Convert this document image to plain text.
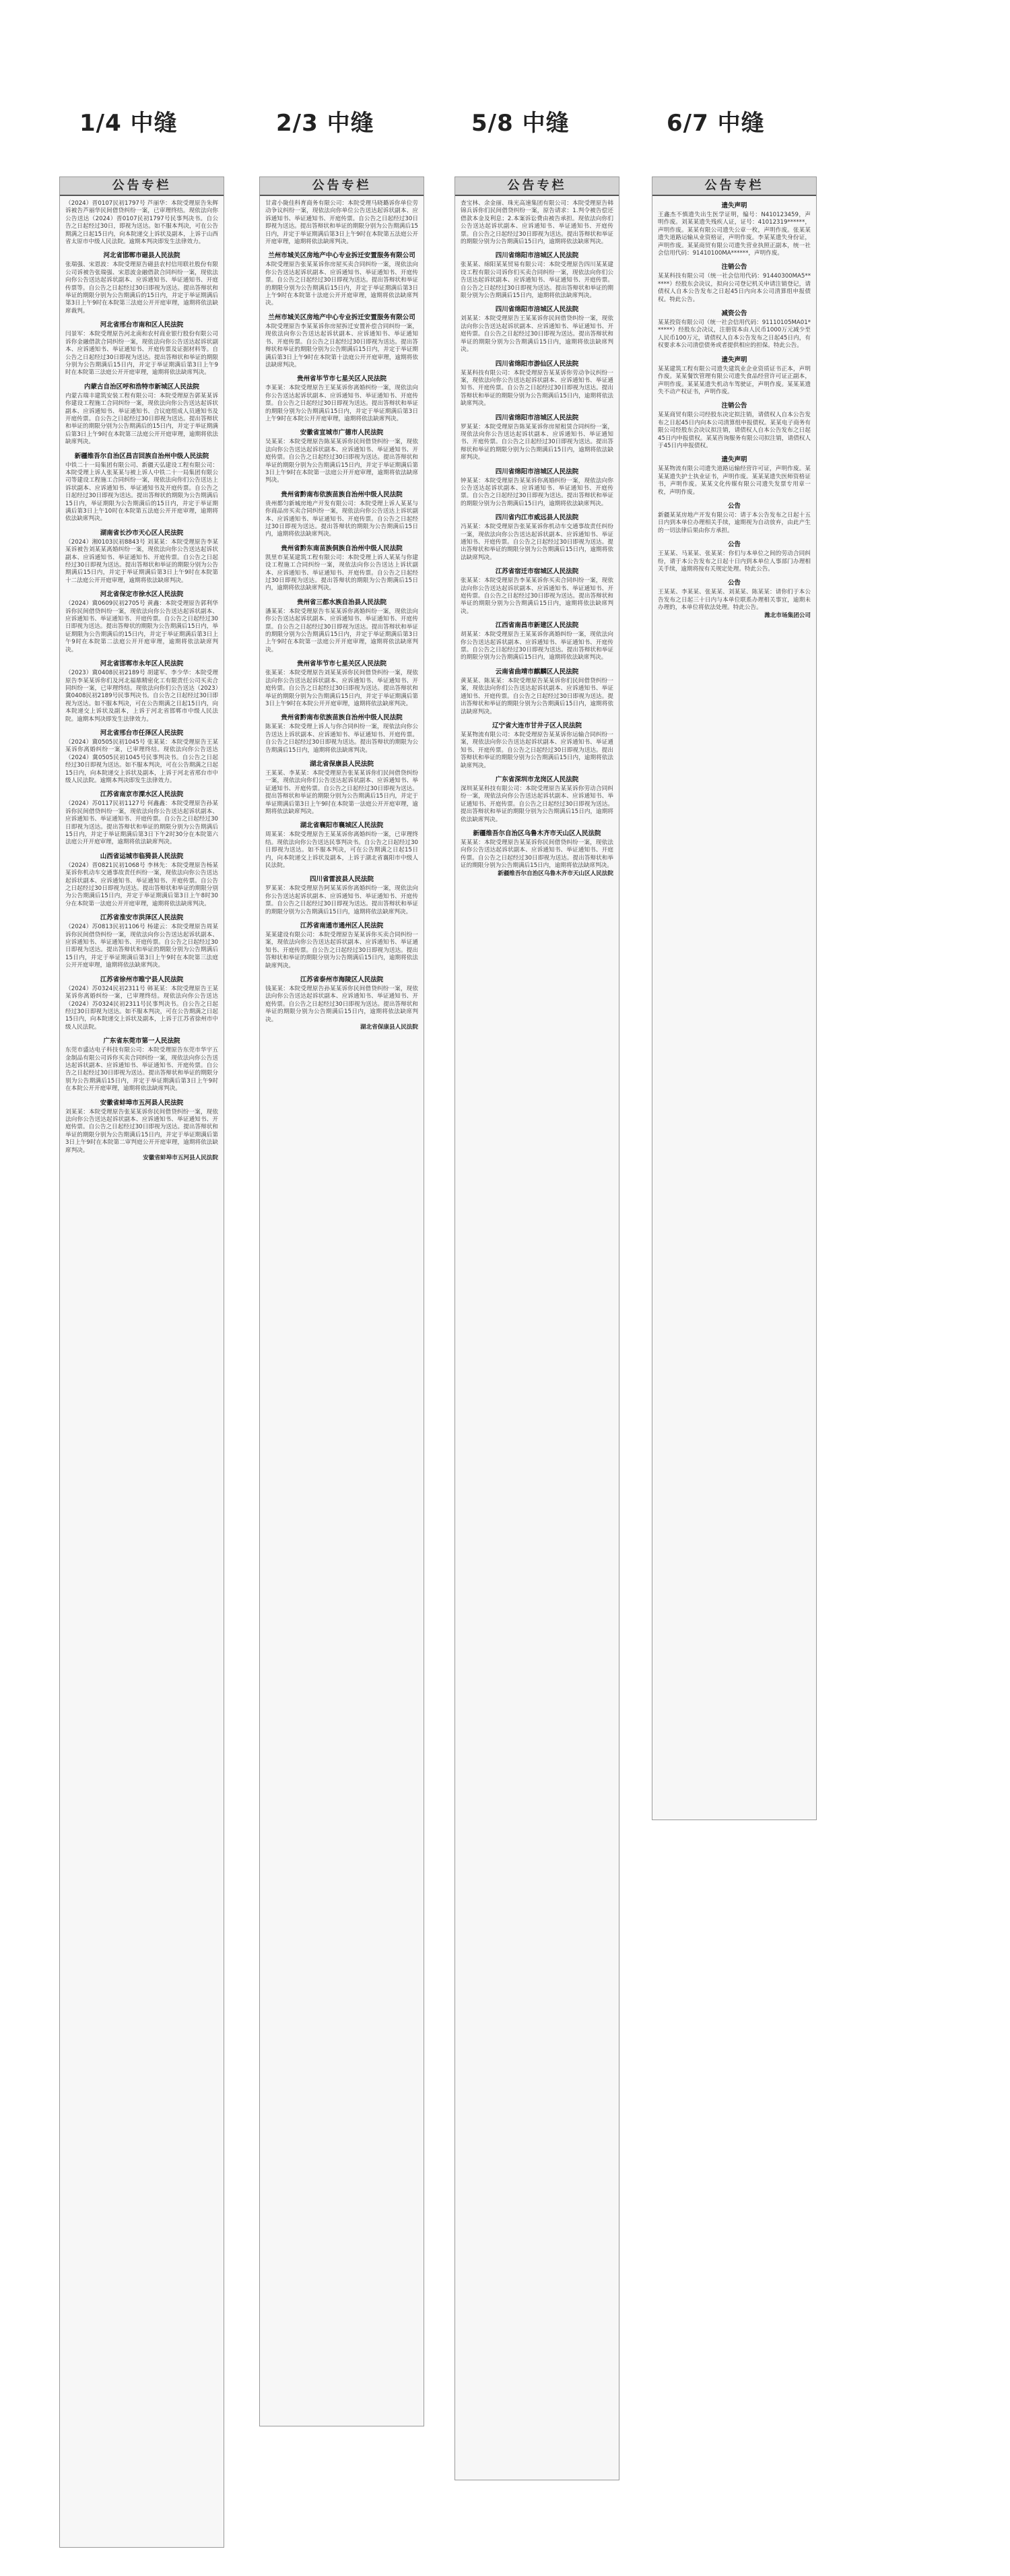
1/4 中缝	2/3 中缝	5/8 中缝	6/7 中缝
公告专栏
（2024）晋0107民初1797号 芦丽华：本院受理原告朱辉诉被告芦丽华民间借贷纠纷一案，已审理终结。现依法向你公告送达（2024）晋0107民初1797号民事判决书。自公告之日起经过30日，即视为送达。如不服本判决，可在公告期满之日起15日内，向本院递交上诉状及副本，上诉于山西省太原市中级人民法院。逾期本判决即发生法律效力。
河北省邯郸市磁县人民法院
张瑞强、宋恩波：本院受理原告磁县农村信用联社股份有限公司诉被告张瑞强、宋恩波金融借款合同纠纷一案，现依法向你公告送达起诉状副本、应诉通知书、举证通知书、开庭传票等。自公告之日起经过30日即视为送达。提出答辩状和举证的期限分别为公告期满后的15日内，并定于举证期满后第3日上午9时在本院第三法庭公开开庭审理，逾期将依法缺席裁判。
河北省邢台市南和区人民法院
闫景军：本院受理原告河北南和农村商业银行股份有限公司诉你金融借款合同纠纷一案，现依法向你公告送达起诉状副本、应诉通知书、举证通知书、开庭传票及证据材料等。自公告之日起经过30日即视为送达。提出答辩状和举证的期限分别为公告期满后15日内，并定于举证期满后第3日上午9时在本院第三法庭公开开庭审理，逾期将依法缺席判决。
内蒙古自治区呼和浩特市新城区人民法院
内蒙古瑞丰建筑安装工程有限公司：本院受理原告郭某某诉你建设工程施工合同纠纷一案，现依法向你公告送达起诉状副本、应诉通知书、举证通知书、合议庭组成人员通知书及开庭传票。自公告之日起经过30日即视为送达。提出答辩状和举证的期限分别为公告期满后的15日内，并定于举证期满后第3日上午9时在本院第三法庭公开开庭审理，逾期将依法缺席判决。
新疆维吾尔自治区昌吉回族自治州中级人民法院
中铁二十一局集团有限公司、新疆天弘建设工程有限公司：本院受理上诉人张某某与被上诉人中铁二十一局集团有限公司等建设工程施工合同纠纷一案，现依法向你们公告送达上诉状副本、应诉通知书、举证通知书及开庭传票。自公告之日起经过30日即视为送达。提出答辩状的期限为公告期满后15日内，举证期限为公告期满后的15日内，并定于举证期满后第3日上午10时在本院第五法庭公开开庭审理，逾期将依法缺席判决。
湖南省长沙市天心区人民法院
（2024）湘0103民初8843号 刘某某：本院受理原告李某某诉被告刘某某离婚纠纷一案，现依法向你公告送达起诉状副本、应诉通知书、举证通知书、开庭传票。自公告之日起经过30日即视为送达。提出答辩状和举证的期限分别为公告期满后15日内，并定于举证期满后第3日上午9时在本院第十二法庭公开开庭审理，逾期将依法缺席判决。
河北省保定市徐水区人民法院
（2024）冀0609民初2705号 黄鑫：本院受理原告郭利华诉你民间借贷纠纷一案，现依法向你公告送达起诉状副本、应诉通知书、举证通知书、开庭传票。自公告之日起经过30日即视为送达。提出答辩状的期限为公告期满后15日内，举证期限为公告期满后的15日内，并定于举证期满后第3日上午9时在本院第二法庭公开开庭审理，逾期将依法缺席判决。
河北省邯郸市永年区人民法院
（2023）冀0408民初2189号 胡建军、李少华：本院受理原告李某某诉你们及河北福鼎精密化工有限责任公司买卖合同纠纷一案，已审理终结。现依法向你们公告送达（2023）冀0408民初2189号民事判决书。自公告之日起经过30日即视为送达。如不服本判决，可在公告期满之日起15日内，向本院递交上诉状及副本，上诉于河北省邯郸市中级人民法院。逾期本判决即发生法律效力。
河北省邢台市任泽区人民法院
（2024）冀0505民初1045号 张某某：本院受理原告王某某诉你离婚纠纷一案，已审理终结。现依法向你公告送达（2024）冀0505民初1045号民事判决书。自公告之日起经过30日即视为送达。如不服本判决，可在公告期满之日起15日内，向本院递交上诉状及副本，上诉于河北省邢台市中级人民法院。逾期本判决即发生法律效力。
江苏省南京市溧水区人民法院
（2024）苏0117民初1127号 何鑫鑫：本院受理原告孙某诉你民间借贷纠纷一案，现依法向你公告送达起诉状副本、应诉通知书、举证通知书、开庭传票。自公告之日起经过30日即视为送达。提出答辩状和举证的期限分别为公告期满后15日内，并定于举证期满后第3日下午2时30分在本院第六法庭公开开庭审理，逾期将依法缺席判决。
山西省运城市临猗县人民法院
（2024）晋0821民初1068号 李林先：本院受理原告杨某某诉你机动车交通事故责任纠纷一案，现依法向你公告送达起诉状副本、应诉通知书、举证通知书、开庭传票。自公告之日起经过30日即视为送达。提出答辩状和举证的期限分别为公告期满后15日内，并定于举证期满后第3日上午8时30分在本院第一法庭公开开庭审理，逾期将依法缺席判决。
江苏省淮安市洪泽区人民法院
（2024）苏0813民初1106号 杨建云：本院受理原告周某诉你民间借贷纠纷一案，现依法向你公告送达起诉状副本、应诉通知书、举证通知书、开庭传票。自公告之日起经过30日即视为送达。提出答辩状和举证的期限分别为公告期满后15日内，并定于举证期满后第3日上午9时在本院第三法庭公开开庭审理，逾期将依法缺席判决。
江苏省徐州市睢宁县人民法院
（2024）苏0324民初2311号 韩某某：本院受理原告王某某诉你离婚纠纷一案，已审理终结。现依法向你公告送达（2024）苏0324民初2311号民事判决书。自公告之日起经过30日即视为送达。如不服本判决，可在公告期满之日起15日内，向本院递交上诉状及副本，上诉于江苏省徐州市中级人民法院。
广东省东莞市第一人民法院
东莞市盛达电子科技有限公司：本院受理原告东莞市华宇五金制品有限公司诉你买卖合同纠纷一案，现依法向你公告送达起诉状副本、应诉通知书、举证通知书、开庭传票。自公告之日起经过30日即视为送达。提出答辩状和举证的期限分别为公告期满后15日内，并定于举证期满后第3日上午9时在本院公开开庭审理，逾期将依法缺席判决。
安徽省蚌埠市五河县人民法院
刘某某：本院受理原告张某某诉你民间借贷纠纷一案，现依法向你公告送达起诉状副本、应诉通知书、举证通知书、开庭传票。自公告之日起经过30日即视为送达。提出答辩状和举证的期限分别为公告期满后15日内，并定于举证期满后第3日上午9时在本院第二审判庭公开开庭审理，逾期将依法缺席判决。
安徽省蚌埠市五河县人民法院
公告专栏
甘肃小陇佳科育商务有限公司：本院受理马晓璐诉你单位劳动争议纠纷一案，现依法向你单位公告送达起诉状副本、应诉通知书、举证通知书、开庭传票。自公告之日起经过30日即视为送达。提出答辩状和举证的期限分别为公告期满后15日内，并定于举证期满后第3日上午9时在本院第五法庭公开开庭审理，逾期将依法缺席判决。
兰州市城关区房地产中心专业拆迁安置服务有限公司
本院受理原告张某某诉你房屋买卖合同纠纷一案，现依法向你公告送达起诉状副本、应诉通知书、举证通知书、开庭传票。自公告之日起经过30日即视为送达。提出答辩状和举证的期限分别为公告期满后15日内，并定于举证期满后第3日上午9时在本院第十法庭公开开庭审理，逾期将依法缺席判决。
兰州市城关区房地产中心专业拆迁安置服务有限公司
本院受理原告李某某诉你房屋拆迁安置补偿合同纠纷一案，现依法向你公告送达起诉状副本、应诉通知书、举证通知书、开庭传票。自公告之日起经过30日即视为送达。提出答辩状和举证的期限分别为公告期满后15日内，并定于举证期满后第3日上午9时在本院第十法庭公开开庭审理，逾期将依法缺席判决。
贵州省毕节市七星关区人民法院
李某某：本院受理原告王某某诉你离婚纠纷一案，现依法向你公告送达起诉状副本、应诉通知书、举证通知书、开庭传票。自公告之日起经过30日即视为送达。提出答辩状和举证的期限分别为公告期满后15日内，并定于举证期满后第3日上午9时在本院公开开庭审理，逾期将依法缺席判决。
安徽省宣城市广德市人民法院
吴某某：本院受理原告陈某某诉你民间借贷纠纷一案，现依法向你公告送达起诉状副本、应诉通知书、举证通知书、开庭传票。自公告之日起经过30日即视为送达。提出答辩状和举证的期限分别为公告期满后15日内，并定于举证期满后第3日上午9时在本院第一法庭公开开庭审理，逾期将依法缺席判决。
贵州省黔南布依族苗族自治州中级人民法院
贵州都匀新城房地产开发有限公司：本院受理上诉人某某与你商品房买卖合同纠纷一案，现依法向你公告送达上诉状副本、应诉通知书、举证通知书、开庭传票。自公告之日起经过30日即视为送达。提出答辩状的期限为公告期满后15日内，逾期将依法缺席判决。
贵州省黔东南苗族侗族自治州中级人民法院
凯里市某某建筑工程有限公司：本院受理上诉人某某与你建设工程施工合同纠纷一案，现依法向你公告送达上诉状副本、应诉通知书、举证通知书、开庭传票。自公告之日起经过30日即视为送达。提出答辩状的期限为公告期满后15日内，逾期将依法缺席判决。
贵州省三都水族自治县人民法院
潘某某：本院受理原告韦某某诉你离婚纠纷一案，现依法向你公告送达起诉状副本、应诉通知书、举证通知书、开庭传票。自公告之日起经过30日即视为送达。提出答辩状和举证的期限分别为公告期满后15日内，并定于举证期满后第3日上午9时在本院第一法庭公开开庭审理，逾期将依法缺席判决。
贵州省毕节市七星关区人民法院
张某某：本院受理原告刘某某诉你民间借贷纠纷一案，现依法向你公告送达起诉状副本、应诉通知书、举证通知书、开庭传票。自公告之日起经过30日即视为送达。提出答辩状和举证的期限分别为公告期满后15日内，并定于举证期满后第3日上午9时在本院公开开庭审理，逾期将依法缺席判决。
贵州省黔南布依族苗族自治州中级人民法院
陈某某：本院受理上诉人与你合同纠纷一案，现依法向你公告送达上诉状副本、应诉通知书、举证通知书、开庭传票。自公告之日起经过30日即视为送达。提出答辩状的期限为公告期满后15日内，逾期将依法缺席判决。
湖北省保康县人民法院
王某某、李某某：本院受理原告张某某诉你们民间借贷纠纷一案，现依法向你们公告送达起诉状副本、应诉通知书、举证通知书、开庭传票。自公告之日起经过30日即视为送达。提出答辩状和举证的期限分别为公告期满后15日内，并定于举证期满后第3日上午9时在本院第一法庭公开开庭审理，逾期将依法缺席判决。
湖北省襄阳市襄城区人民法院
周某某：本院受理原告王某某诉你离婚纠纷一案，已审理终结。现依法向你公告送达民事判决书。自公告之日起经过30日即视为送达。如不服本判决，可在公告期满之日起15日内，向本院递交上诉状及副本，上诉于湖北省襄阳市中级人民法院。
四川省雷波县人民法院
罗某某：本院受理原告阿某某诉你离婚纠纷一案，现依法向你公告送达起诉状副本、应诉通知书、举证通知书、开庭传票。自公告之日起经过30日即视为送达。提出答辩状和举证的期限分别为公告期满后15日内，逾期将依法缺席判决。
江苏省南通市通州区人民法院
某某建设有限公司：本院受理原告某某诉你买卖合同纠纷一案，现依法向你公告送达起诉状副本、应诉通知书、举证通知书、开庭传票。自公告之日起经过30日即视为送达。提出答辩状和举证的期限分别为公告期满后15日内，逾期将依法缺席判决。
江苏省泰州市海陵区人民法院
钱某某：本院受理原告孙某某诉你民间借贷纠纷一案，现依法向你公告送达起诉状副本、应诉通知书、举证通知书、开庭传票。自公告之日起经过30日即视为送达。提出答辩状和举证的期限分别为公告期满后15日内，逾期将依法缺席判决。
湖北省保康县人民法院
公告专栏
查宝林、余金丽、珠光高速集团有限公司：本院受理原告韩锦兵诉你们民间借贷纠纷一案，原告请求：1.判令被告偿还借款本金及利息；2.本案诉讼费由被告承担。现依法向你们公告送达起诉状副本、应诉通知书、举证通知书、开庭传票。自公告之日起经过30日即视为送达。提出答辩状和举证的期限分别为公告期满后15日内，逾期将依法缺席判决。
四川省绵阳市涪城区人民法院
张某某、绵阳某某贸易有限公司：本院受理原告四川某某建设工程有限公司诉你们买卖合同纠纷一案，现依法向你们公告送达起诉状副本、应诉通知书、举证通知书、开庭传票。自公告之日起经过30日即视为送达。提出答辩状和举证的期限分别为公告期满后15日内，逾期将依法缺席判决。
四川省绵阳市涪城区人民法院
刘某某：本院受理原告王某某诉你民间借贷纠纷一案，现依法向你公告送达起诉状副本、应诉通知书、举证通知书、开庭传票。自公告之日起经过30日即视为送达。提出答辩状和举证的期限分别为公告期满后15日内，逾期将依法缺席判决。
四川省绵阳市游仙区人民法院
某某科技有限公司：本院受理原告某某诉你劳动争议纠纷一案，现依法向你公告送达起诉状副本、应诉通知书、举证通知书、开庭传票。自公告之日起经过30日即视为送达。提出答辩状和举证的期限分别为公告期满后15日内，逾期将依法缺席判决。
四川省绵阳市涪城区人民法院
罗某某：本院受理原告陈某某诉你房屋租赁合同纠纷一案，现依法向你公告送达起诉状副本、应诉通知书、举证通知书、开庭传票。自公告之日起经过30日即视为送达。提出答辩状和举证的期限分别为公告期满后15日内，逾期将依法缺席判决。
四川省绵阳市涪城区人民法院
钟某某：本院受理原告某某诉你离婚纠纷一案，现依法向你公告送达起诉状副本、应诉通知书、举证通知书、开庭传票。自公告之日起经过30日即视为送达。提出答辩状和举证的期限分别为公告期满后15日内，逾期将依法缺席判决。
四川省内江市威远县人民法院
冯某某：本院受理原告张某某诉你机动车交通事故责任纠纷一案，现依法向你公告送达起诉状副本、应诉通知书、举证通知书、开庭传票。自公告之日起经过30日即视为送达。提出答辩状和举证的期限分别为公告期满后15日内，逾期将依法缺席判决。
江苏省宿迁市宿城区人民法院
张某某：本院受理原告李某某诉你买卖合同纠纷一案，现依法向你公告送达起诉状副本、应诉通知书、举证通知书、开庭传票。自公告之日起经过30日即视为送达。提出答辩状和举证的期限分别为公告期满后15日内，逾期将依法缺席判决。
江西省南昌市新建区人民法院
胡某某：本院受理原告王某某诉你离婚纠纷一案，现依法向你公告送达起诉状副本、应诉通知书、举证通知书、开庭传票。自公告之日起经过30日即视为送达。提出答辩状和举证的期限分别为公告期满后15日内，逾期将依法缺席判决。
云南省曲靖市麒麟区人民法院
黄某某、陈某某：本院受理原告某某诉你们民间借贷纠纷一案，现依法向你们公告送达起诉状副本、应诉通知书、举证通知书、开庭传票。自公告之日起经过30日即视为送达。提出答辩状和举证的期限分别为公告期满后15日内，逾期将依法缺席判决。
辽宁省大连市甘井子区人民法院
某某物流有限公司：本院受理原告某某诉你运输合同纠纷一案，现依法向你公告送达起诉状副本、应诉通知书、举证通知书、开庭传票。自公告之日起经过30日即视为送达。提出答辩状和举证的期限分别为公告期满后15日内，逾期将依法缺席判决。
广东省深圳市龙岗区人民法院
深圳某某科技有限公司：本院受理原告某某诉你劳动合同纠纷一案，现依法向你公告送达起诉状副本、应诉通知书、举证通知书、开庭传票。自公告之日起经过30日即视为送达。提出答辩状和举证的期限分别为公告期满后15日内，逾期将依法缺席判决。
新疆维吾尔自治区乌鲁木齐市天山区人民法院
某某某：本院受理原告某某诉你民间借贷纠纷一案，现依法向你公告送达起诉状副本、应诉通知书、举证通知书、开庭传票。自公告之日起经过30日即视为送达。提出答辩状和举证的期限分别为公告期满后15日内，逾期将依法缺席判决。
新疆维吾尔自治区乌鲁木齐市天山区人民法院
公告专栏
遗失声明
王鑫杰不慎遗失出生医学证明，编号：N410123459，声明作废。刘某某遗失残疾人证，证号：41012319******，声明作废。某某有限公司遗失公章一枚，声明作废。张某某遗失道路运输从业资格证，声明作废。李某某遗失身份证，声明作废。某某商贸有限公司遗失营业执照正副本，统一社会信用代码：91410100MA******，声明作废。
注销公告
某某科技有限公司（统一社会信用代码：91440300MA5******）经股东会决议，拟向公司登记机关申请注销登记，请债权人自本公告发布之日起45日内向本公司清算组申报债权。特此公告。
减资公告
某某投资有限公司（统一社会信用代码：91110105MA01******）经股东会决议，注册资本由人民币1000万元减少至人民币100万元，请债权人自本公告发布之日起45日内，有权要求本公司清偿债务或者提供相应的担保。特此公告。
遗失声明
某某建筑工程有限公司遗失建筑业企业资质证书正本，声明作废。某某餐饮管理有限公司遗失食品经营许可证正副本，声明作废。某某某遗失机动车驾驶证，声明作废。某某某遗失不动产权证书，声明作废。
注销公告
某某商贸有限公司经股东决定拟注销，请债权人自本公告发布之日起45日内向本公司清算组申报债权。某某电子商务有限公司经股东会决议拟注销，请债权人自本公告发布之日起45日内申报债权。某某咨询服务有限公司拟注销，请债权人于45日内申报债权。
遗失声明
某某物流有限公司遗失道路运输经营许可证，声明作废。某某某遗失护士执业证书，声明作废。某某某遗失医师资格证书，声明作废。某某文化传媒有限公司遗失发票专用章一枚，声明作废。
公告
新疆某某房地产开发有限公司：请于本公告发布之日起十五日内到本单位办理相关手续，逾期视为自动放弃，由此产生的一切法律后果由你方承担。
公告
王某某、马某某、张某某：你们与本单位之间的劳动合同纠纷，请于本公告发布之日起十日内到本单位人事部门办理相关手续，逾期将按有关规定处理。特此公告。
公告
王某某、李某某、张某某、刘某某、陈某某：请你们于本公告发布之日起三十日内与本单位联系办理相关事宜，逾期未办理的，本单位将依法处理。特此公告。
潍北市场集团公司
